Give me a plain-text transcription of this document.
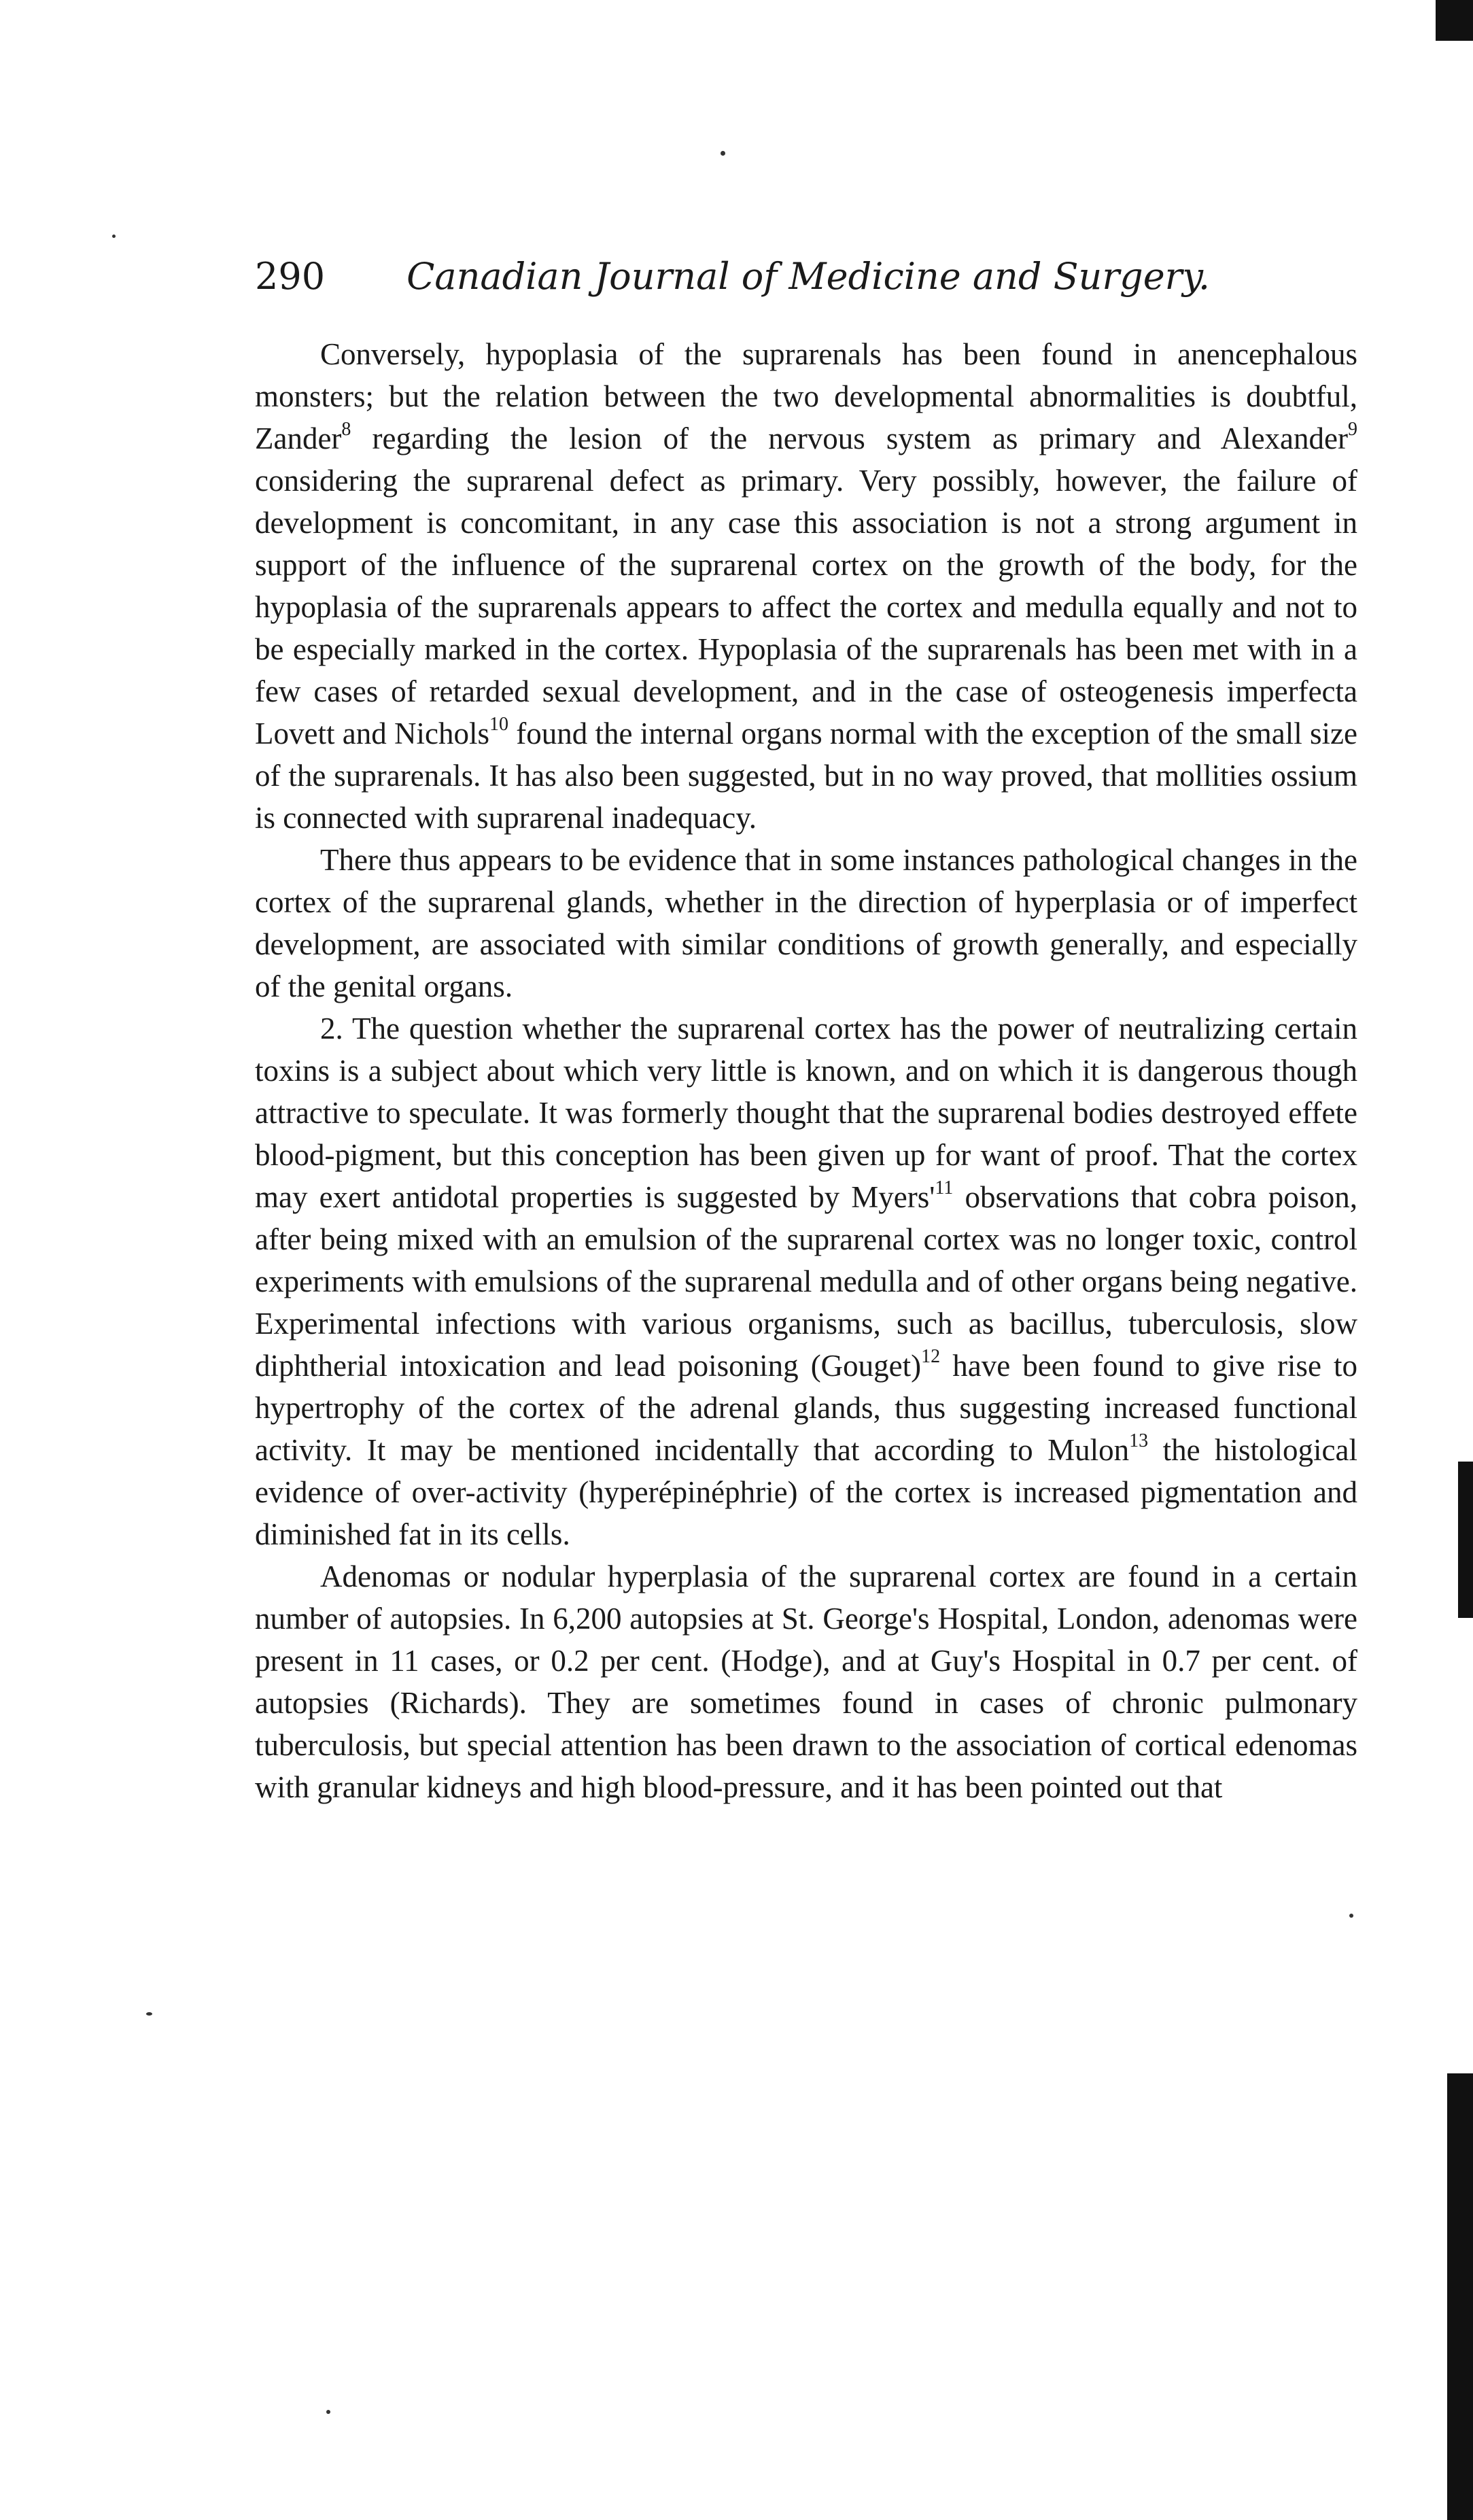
290 Canadian Journal of Medicine and Surgery.

Conversely, hypoplasia of the suprarenals has been found in anencephalous monsters; but the relation between the two developmental abnormalities is doubtful, Zander$^8$ regarding the lesion of the nervous system as primary and Alexander$^9$ considering the suprarenal defect as primary. Very possibly, however, the failure of development is concomitant, in any case this association is not a strong argument in support of the influence of the suprarenal cortex on the growth of the body, for the hypoplasia of the suprarenals appears to affect the cortex and medulla equally and not to be especially marked in the cortex. Hypoplasia of the suprarenals has been met with in a few cases of retarded sexual development, and in the case of osteogenesis imperfecta Lovett and Nichols$^{10}$ found the internal organs normal with the exception of the small size of the suprarenals. It has also been suggested, but in no way proved, that mollities ossium is connected with suprarenal inadequacy.

There thus appears to be evidence that in some instances pathological changes in the cortex of the suprarenal glands, whether in the direction of hyperplasia or of imperfect development, are associated with similar conditions of growth generally, and especially of the genital organs.

2. The question whether the suprarenal cortex has the power of neutralizing certain toxins is a subject about which very little is known, and on which it is dangerous though attractive to speculate. It was formerly thought that the suprarenal bodies destroyed effete blood-pigment, but this conception has been given up for want of proof. That the cortex may exert antidotal properties is suggested by $Myers'^{11}$ observations that cobra poison, after being mixed with an emulsion of the suprarenal cortex was no longer toxic, control experiments with emulsions of the suprarenal medulla and of other organs being negative. Experimental infections with various organisms, such as bacillus, tuberculosis, slow diphtherial intoxication and lead poisoning (Gouget)$^{12}$ have been found to give rise to hypertrophy of the cortex of the adrenal glands, thus suggesting increased functional activity. It may be mentioned incidentally that according to Mulon$^{13}$ the histological evidence of over-activity (hyperépinéphrie) of the cortex is increased pigmentation and diminished fat in its cells.

Adenomas or nodular hyperplasia of the suprarenal cortex are found in a certain number of autopsies. In 6,200 autopsies at St. George's Hospital, London, adenomas were present in 11 cases, or 0.2 per cent. (Hodge), and at Guy's Hospital in 0.7 per cent. of autopsies (Richards). They are sometimes found in cases of chronic pulmonary tuberculosis, but special attention has been drawn to the association of cortical edenomas with granular kidneys and high blood-pressure, and it has been pointed out that
